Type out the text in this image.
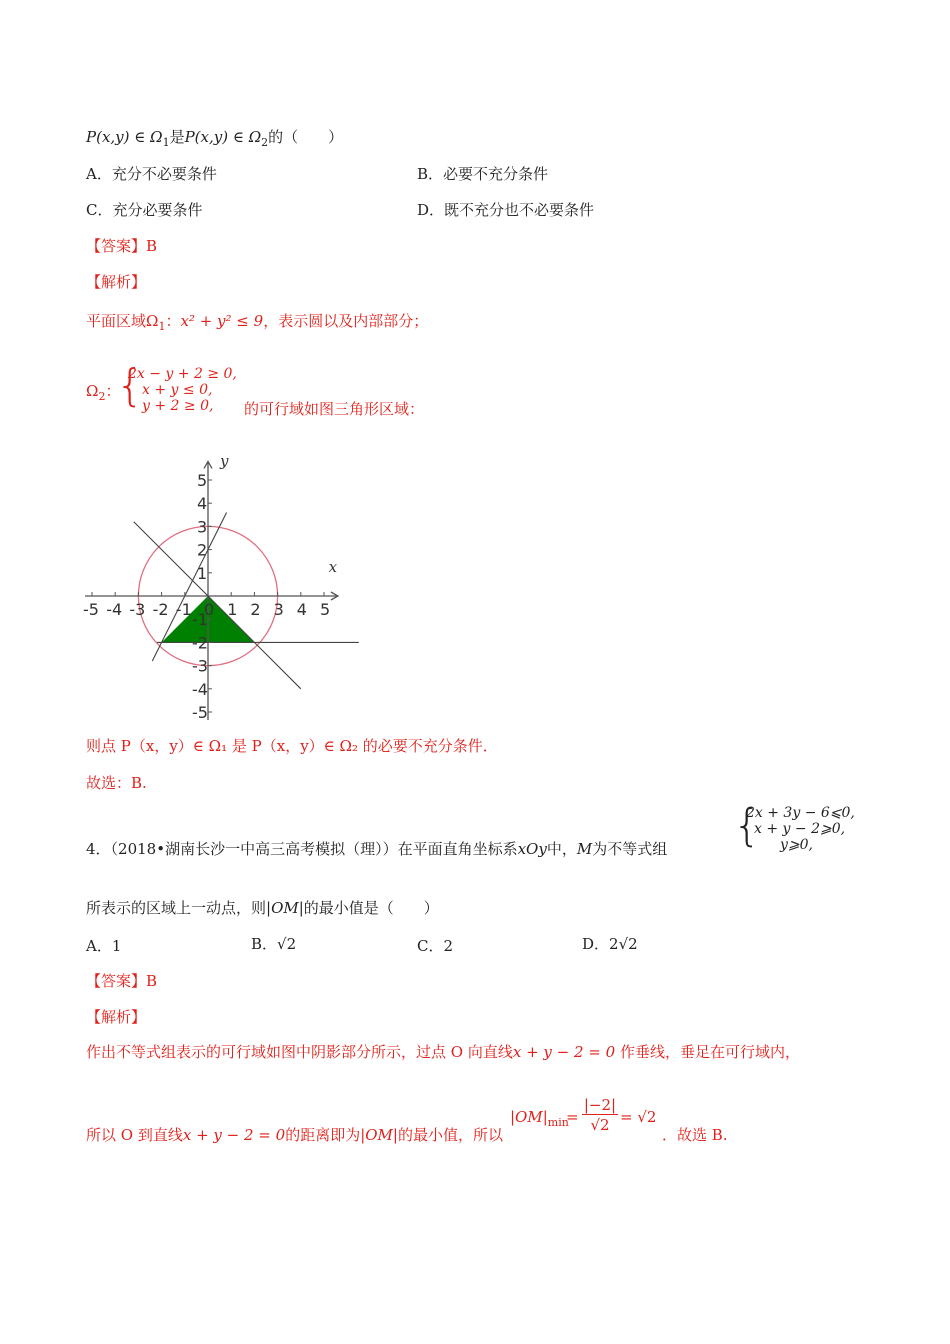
P(x,y) ∈ $\Omega_1$是P(x,y) ∈ $\Omega_2$的（　　）
A．充分不必要条件	B．必要不充分条件
C．充分必要条件	D．既不充分也不必要条件
【答案】B
【解析】
平面区域$\Omega_1$：x² + y² ≤ 9，表示圆以及内部部分；
$\Omega_2$：
{
2x − y + 2 ≥ 0,
x + y ≤ 0,
y + 2 ≥ 0,	的可行域如图三角形区域：
-5 -4 -3 -2 -1 0 1 2 3 4 5
5
4
3
2
1
-1
-2
-3
-4
-5
x
y
则点 P（x，y）∈ Ω₁ 是 P（x，y）∈ Ω₂ 的必要不充分条件．
故选：B.
4．（2018•湖南长沙一中高三高考模拟（理））在平面直角坐标系xOy中，M为不等式组 {
2x + 3y − 6⩽0,
x + y − 2⩾0,
y⩾0,
所表示的区域上一动点，则|OM|的最小值是（　　）
A．1	B．√2	C．2	D．2√2
【答案】B
【解析】
作出不等式组表示的可行域如图中阴影部分所示，过点 O 向直线x + y − 2 = 0 作垂线，垂足在可行域内，
所以 O 到直线x + y − 2 = 0的距离即为|OM|的最小值，所以
$|OM|_{min}$
= $\frac{|-2|}{√2} = √2$
．故选 B.
